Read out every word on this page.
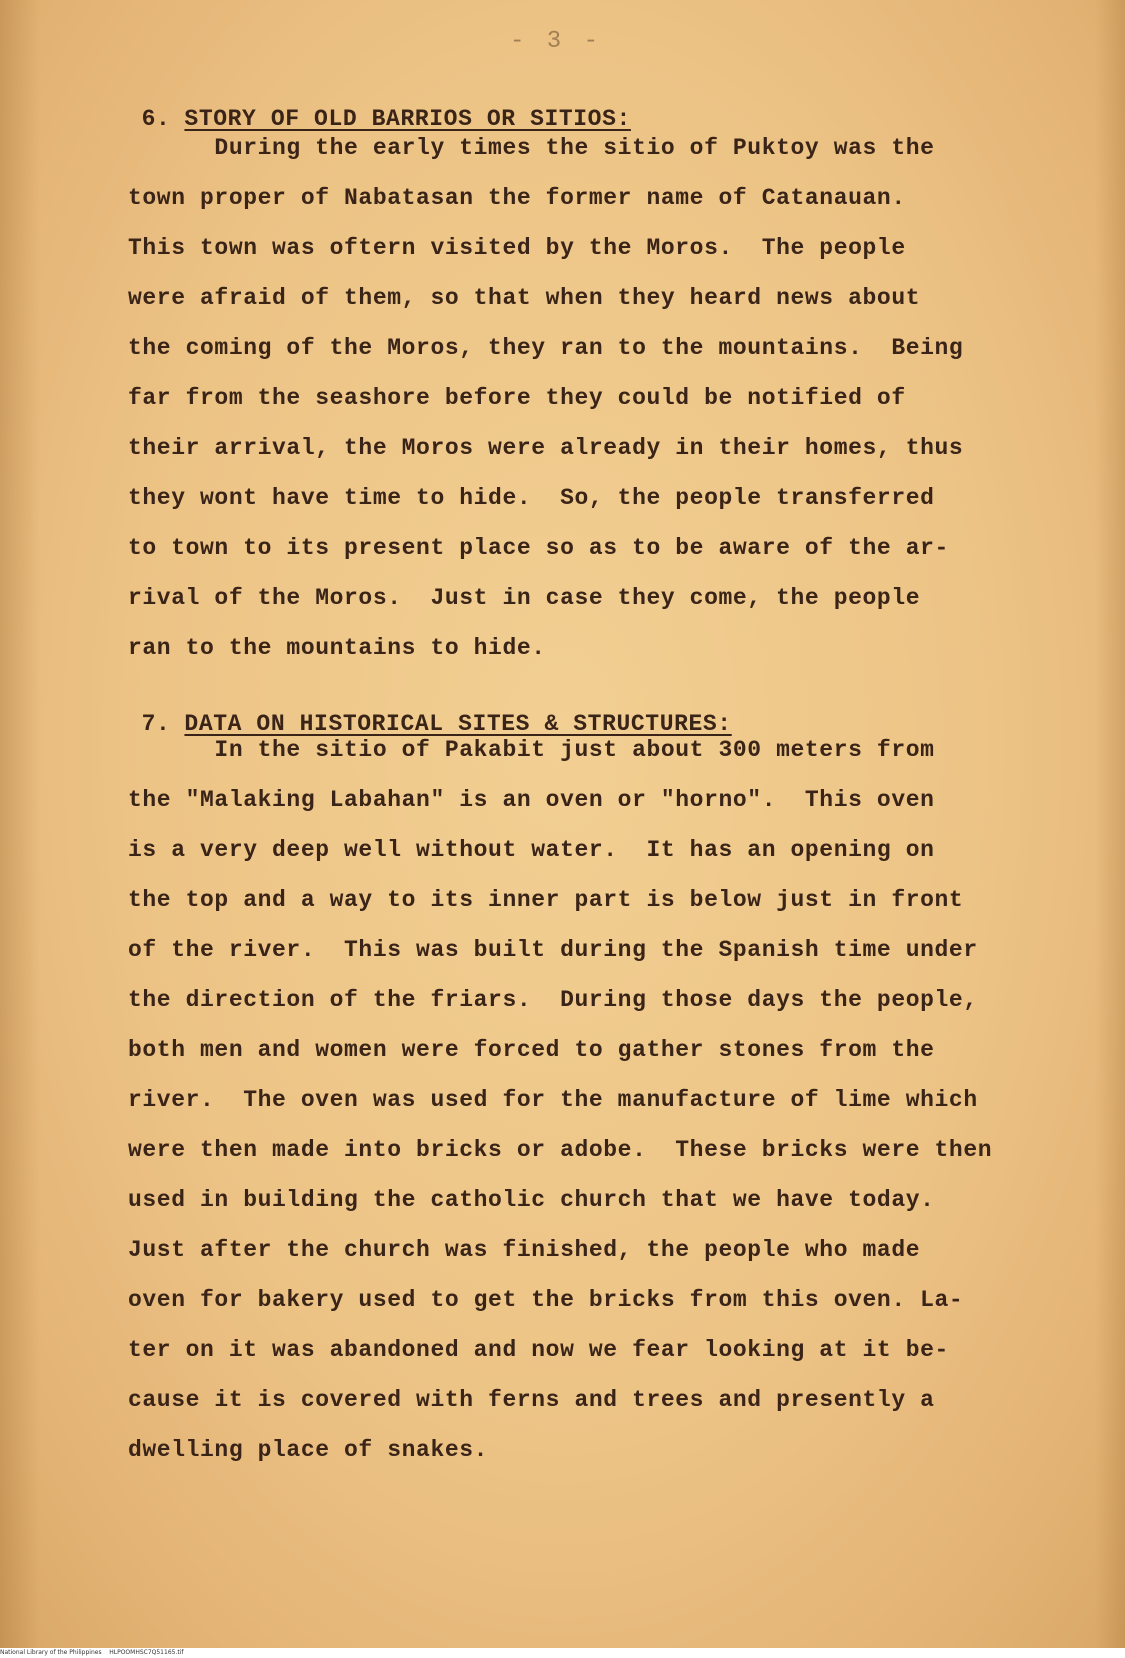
- 3 -

6. STORY OF OLD BARRIOS OR SITIOS:

During the early times the sitio of Puktoy was the
town proper of Nabatasan the former name of Catanauan.
This town was oftern visited by the Moros.  The people
were afraid of them, so that when they heard news about
the coming of the Moros, they ran to the mountains.  Being
far from the seashore before they could be notified of
their arrival, the Moros were already in their homes, thus
they wont have time to hide.  So, the people transferred
to town to its present place so as to be aware of the ar-
rival of the Moros.  Just in case they come, the people
ran to the mountains to hide.

7. DATA ON HISTORICAL SITES & STRUCTURES:

In the sitio of Pakabit just about 300 meters from
the "Malaking Labahan" is an oven or "horno".  This oven
is a very deep well without water.  It has an opening on
the top and a way to its inner part is below just in front
of the river.  This was built during the Spanish time under
the direction of the friars.  During those days the people,
both men and women were forced to gather stones from the
river.  The oven was used for the manufacture of lime which
were then made into bricks or adobe.  These bricks were then
used in building the catholic church that we have today.
Just after the church was finished, the people who made
oven for bakery used to get the bricks from this oven. La-
ter on it was abandoned and now we fear looking at it be-
cause it is covered with ferns and trees and presently a
dwelling place of snakes.
National Library of the Philippines HLPOOMHSC7Q51165.tif
